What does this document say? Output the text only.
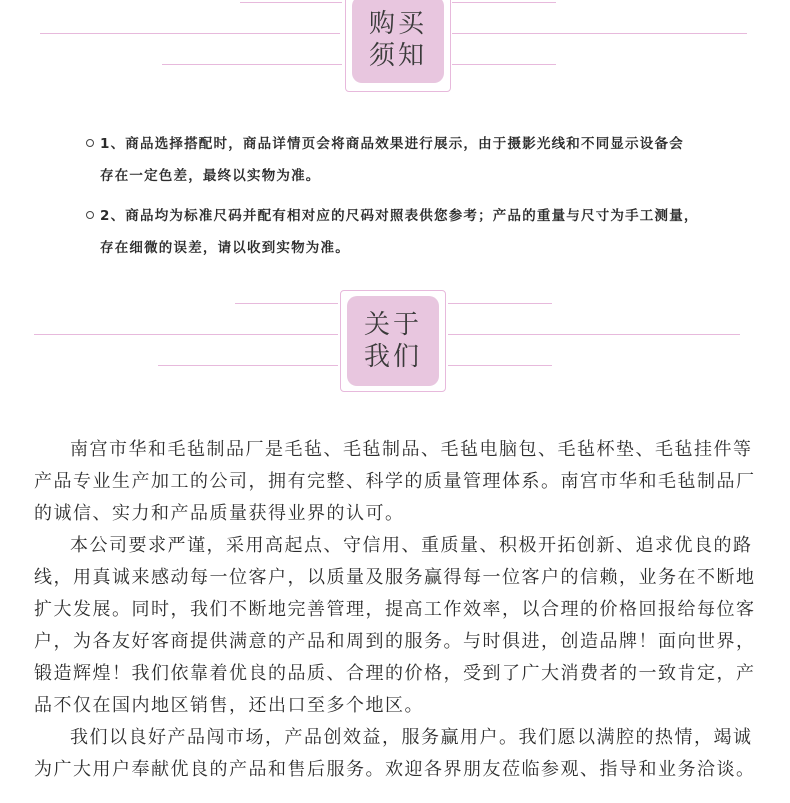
购买
须知
1、商品选择搭配时，商品详情页会将商品效果进行展示，由于摄影光线和不同显示设备会
存在一定色差，最终以实物为准。
2、商品均为标准尺码并配有相对应的尺码对照表供您参考；产品的重量与尺寸为手工测量，
存在细微的误差，请以收到实物为准。
关于
我们

南宫市华和毛毡制品厂是毛毡、毛毡制品、毛毡电脑包、毛毡杯垫、毛毡挂件等产品专业生产加工的公司，拥有完整、科学的质量管理体系。南宫市华和毛毡制品厂的诚信、实力和产品质量获得业界的认可。

本公司要求严谨，采用高起点、守信用、重质量、积极开拓创新、追求优良的路线，用真诚来感动每一位客户，以质量及服务赢得每一位客户的信赖，业务在不断地扩大发展。同时，我们不断地完善管理，提高工作效率，以合理的价格回报给每位客户，为各友好客商提供满意的产品和周到的服务。与时俱进，创造品牌！面向世界，锻造辉煌！我们依靠着优良的品质、合理的价格，受到了广大消费者的一致肯定，产品不仅在国内地区销售，还出口至多个地区。

我们以良好产品闯市场，产品创效益，服务赢用户。我们愿以满腔的热情，竭诚为广大用户奉献优良的产品和售后服务。欢迎各界朋友莅临参观、指导和业务洽谈。
